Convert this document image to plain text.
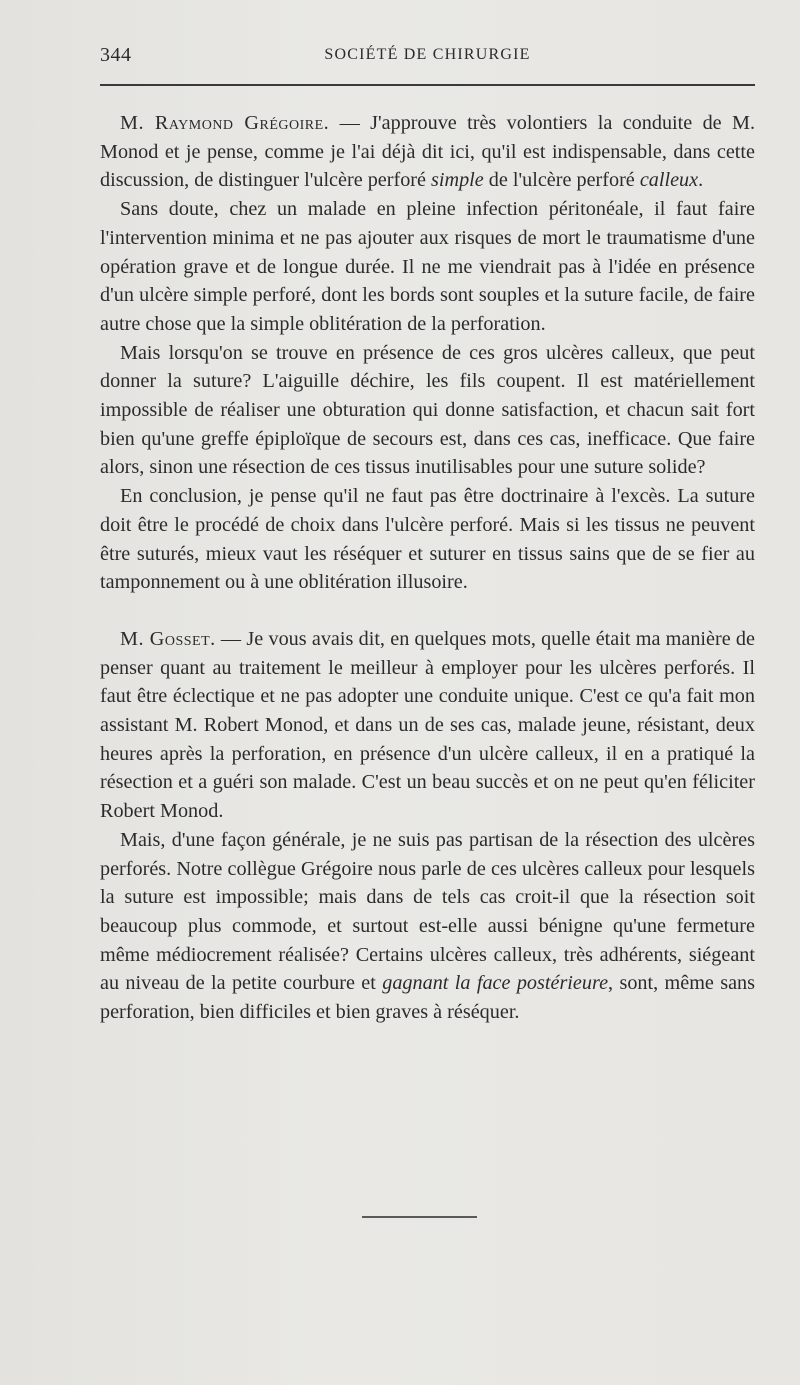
344	SOCIÉTÉ DE CHIRURGIE

M. Raymond Grégoire. — J'approuve très volontiers la conduite de M. Monod et je pense, comme je l'ai déjà dit ici, qu'il est indispensable, dans cette discussion, de distinguer l'ulcère perforé simple de l'ulcère perforé calleux.

Sans doute, chez un malade en pleine infection péritonéale, il faut faire l'intervention minima et ne pas ajouter aux risques de mort le traumatisme d'une opération grave et de longue durée. Il ne me viendrait pas à l'idée en présence d'un ulcère simple perforé, dont les bords sont souples et la suture facile, de faire autre chose que la simple oblitération de la perforation.

Mais lorsqu'on se trouve en présence de ces gros ulcères calleux, que peut donner la suture? L'aiguille déchire, les fils coupent. Il est matériellement impossible de réaliser une obturation qui donne satisfaction, et chacun sait fort bien qu'une greffe épiploïque de secours est, dans ces cas, inefficace. Que faire alors, sinon une résection de ces tissus inutilisables pour une suture solide?

En conclusion, je pense qu'il ne faut pas être doctrinaire à l'excès. La suture doit être le procédé de choix dans l'ulcère perforé. Mais si les tissus ne peuvent être suturés, mieux vaut les réséquer et suturer en tissus sains que de se fier au tamponnement ou à une oblitération illusoire.

M. Gosset. — Je vous avais dit, en quelques mots, quelle était ma manière de penser quant au traitement le meilleur à employer pour les ulcères perforés. Il faut être éclectique et ne pas adopter une conduite unique. C'est ce qu'a fait mon assistant M. Robert Monod, et dans un de ses cas, malade jeune, résistant, deux heures après la perforation, en présence d'un ulcère calleux, il en a pratiqué la résection et a guéri son malade. C'est un beau succès et on ne peut qu'en féliciter Robert Monod.

Mais, d'une façon générale, je ne suis pas partisan de la résection des ulcères perforés. Notre collègue Grégoire nous parle de ces ulcères calleux pour lesquels la suture est impossible; mais dans de tels cas croit-il que la résection soit beaucoup plus commode, et surtout est-elle aussi bénigne qu'une fermeture même médiocrement réalisée? Certains ulcères calleux, très adhérents, siégeant au niveau de la petite courbure et gagnant la face postérieure, sont, même sans perforation, bien difficiles et bien graves à réséquer.
